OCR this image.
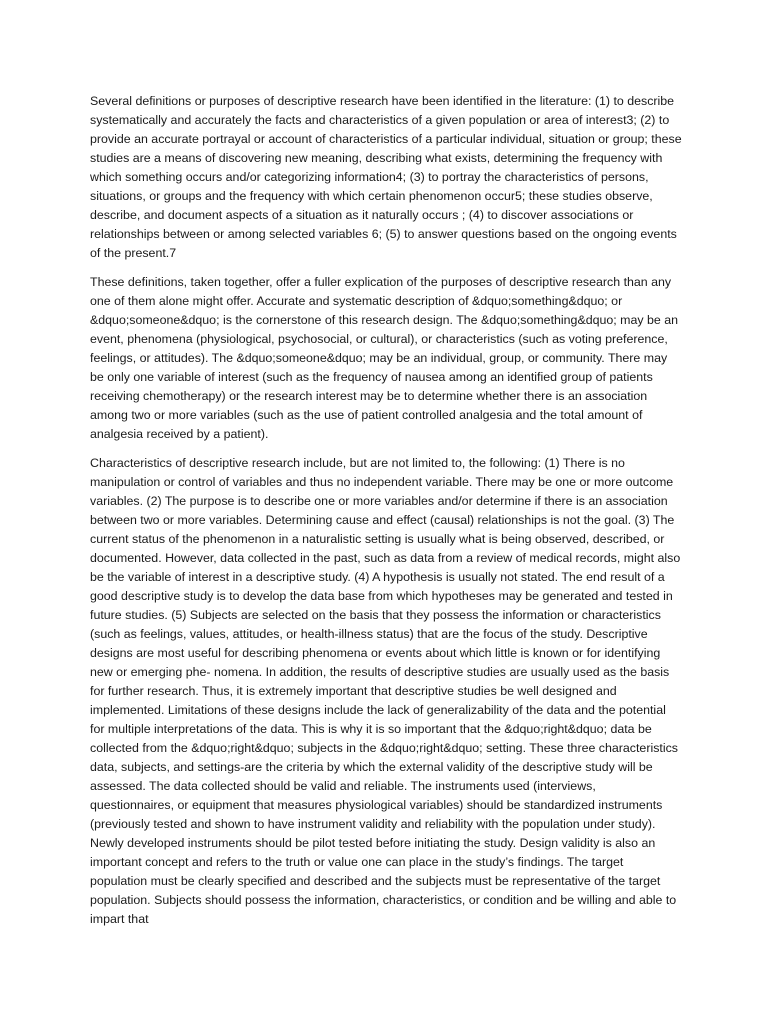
Several definitions or purposes of descriptive research have been identified in the literature: (1) to describe systematically and accurately the facts and characteristics of a given population or area of interest3; (2) to provide an accurate portrayal or account of characteristics of a particular individual, situation or group; these studies are a means of discovering new meaning, describing what exists, determining the frequency with which something occurs and/or categorizing information4; (3) to portray the characteristics of persons, situations, or groups and the frequency with which certain phenomenon occur5; these studies observe, describe, and document aspects of a situation as it naturally occurs ; (4) to discover associations or relationships between or among selected variables 6; (5) to answer questions based on the ongoing events of the present.7

These definitions, taken together, offer a fuller explication of the purposes of descriptive research than any one of them alone might offer. Accurate and systematic description of &dquo;something&dquo; or &dquo;someone&dquo; is the cornerstone of this research design. The &dquo;something&dquo; may be an event, phenomena (physiological, psychosocial, or cultural), or characteristics (such as voting preference, feelings, or attitudes). The &dquo;someone&dquo; may be an individual, group, or community. There may be only one variable of interest (such as the frequency of nausea among an identified group of patients receiving chemotherapy) or the research interest may be to determine whether there is an association among two or more variables (such as the use of patient controlled analgesia and the total amount of analgesia received by a patient).

Characteristics of descriptive research include, but are not limited to, the following: (1) There is no manipulation or control of variables and thus no independent variable. There may be one or more outcome variables. (2) The purpose is to describe one or more variables and/or determine if there is an association between two or more variables. Determining cause and effect (causal) relationships is not the goal. (3) The current status of the phenomenon in a naturalistic setting is usually what is being observed, described, or documented. However, data collected in the past, such as data from a review of medical records, might also be the variable of interest in a descriptive study. (4) A hypothesis is usually not stated. The end result of a good descriptive study is to develop the data base from which hypotheses may be generated and tested in future studies. (5) Subjects are selected on the basis that they possess the information or characteristics (such as feelings, values, attitudes, or health-illness status) that are the focus of the study. Descriptive designs are most useful for describing phenomena or events about which little is known or for identifying new or emerging phe- nomena. In addition, the results of descriptive studies are usually used as the basis for further research. Thus, it is extremely important that descriptive studies be well designed and implemented. Limitations of these designs include the lack of generalizability of the data and the potential for multiple interpretations of the data. This is why it is so important that the &dquo;right&dquo; data be collected from the &dquo;right&dquo; subjects in the &dquo;right&dquo; setting. These three characteristics data, subjects, and settings-are the criteria by which the external validity of the descriptive study will be assessed. The data collected should be valid and reliable. The instruments used (interviews, questionnaires, or equipment that measures physiological variables) should be standardized instruments (previously tested and shown to have instrument validity and reliability with the population under study). Newly developed instruments should be pilot tested before initiating the study. Design validity is also an important concept and refers to the truth or value one can place in the study’s findings. The target population must be clearly specified and described and the subjects must be representative of the target population. Subjects should possess the information, characteristics, or condition and be willing and able to impart that
